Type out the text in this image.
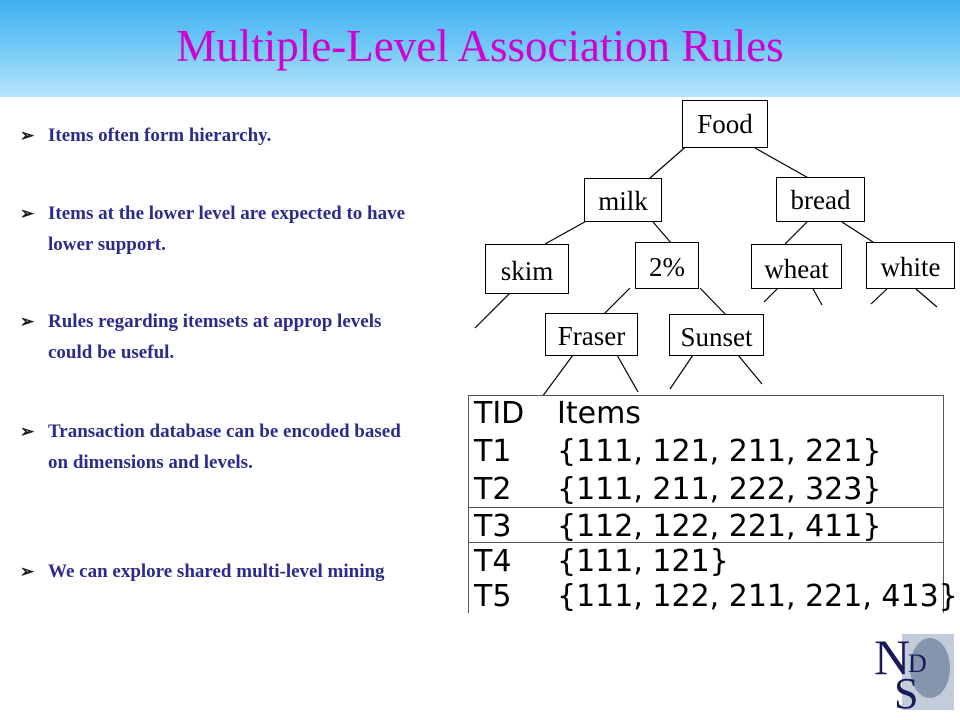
Multiple-Level Association Rules
➢ Items often form hierarchy.
➢ Items at the lower level are expected to have lower support.
➢ Rules regarding itemsets at approp levels could be useful.
➢ Transaction database can be encoded based on dimensions and levels.
➢ We can explore shared multi-level mining
Food
milk	bread
skim	2%	wheat	white
Fraser	Sunset
TID Items
T1 {111, 121, 211, 221}
T2 {111, 211, 222, 323}
T3 {112, 122, 221, 411}
T4 {111, 121}
T5 {111, 122, 211, 221, 413}
N
S
D
